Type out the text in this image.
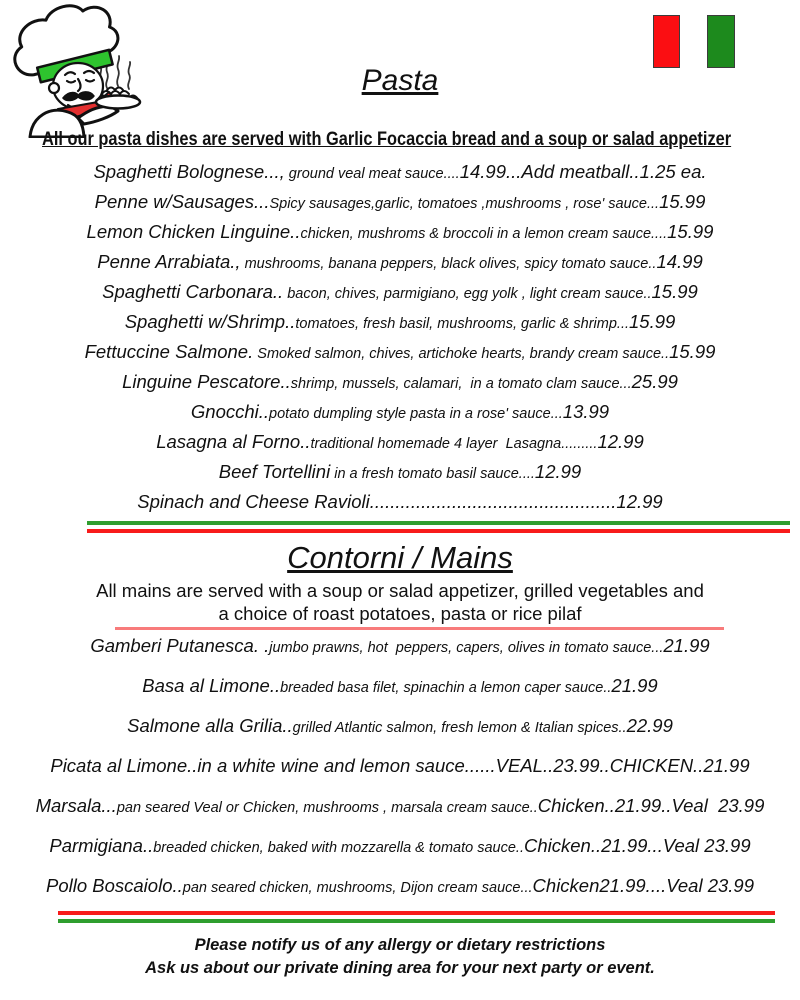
Pasta
All our pasta dishes are served with Garlic Focaccia bread and a soup or salad appetizer
Spaghetti Bolognese..., ground veal meat sauce....14.99...Add meatball..1.25 ea.
Penne w/Sausages...Spicy sausages,garlic, tomatoes ,mushrooms , rose' sauce...15.99
Lemon Chicken Linguine..chicken, mushroms & broccoli in a lemon cream sauce....15.99
Penne Arrabiata., mushrooms, banana peppers, black olives, spicy tomato sauce..14.99
Spaghetti Carbonara.. bacon, chives, parmigiano, egg yolk , light cream sauce..15.99
Spaghetti w/Shrimp..tomatoes, fresh basil, mushrooms, garlic & shrimp...15.99
Fettuccine Salmone. Smoked salmon, chives, artichoke hearts, brandy cream sauce..15.99
Linguine Pescatore..shrimp, mussels, calamari,  in a tomato clam sauce...25.99
Gnocchi..potato dumpling style pasta in a rose' sauce...13.99
Lasagna al Forno..traditional homemade 4 layer  Lasagna.........12.99
Beef Tortellini in a fresh tomato basil sauce....12.99
Spinach and Cheese Ravioli................................................12.99
Contorni / Mains
All mains are served with a soup or salad appetizer, grilled vegetables and
a choice of roast potatoes, pasta or rice pilaf
Gamberi Putanesca. .jumbo prawns, hot  peppers, capers, olives in tomato sauce...21.99
Basa al Limone..breaded basa filet, spinachin a lemon caper sauce..21.99
Salmone alla Grilia..grilled Atlantic salmon, fresh lemon & Italian spices..22.99
Picata al Limone..in a white wine and lemon sauce......VEAL..23.99..CHICKEN..21.99
Marsala...pan seared Veal or Chicken, mushrooms , marsala cream sauce..Chicken..21.99..Veal  23.99
Parmigiana..breaded chicken, baked with mozzarella & tomato sauce..Chicken..21.99...Veal 23.99
Pollo Boscaiolo..pan seared chicken, mushrooms, Dijon cream sauce...Chicken21.99....Veal 23.99
Please notify us of any allergy or dietary restrictions
Ask us about our private dining area for your next party or event.
